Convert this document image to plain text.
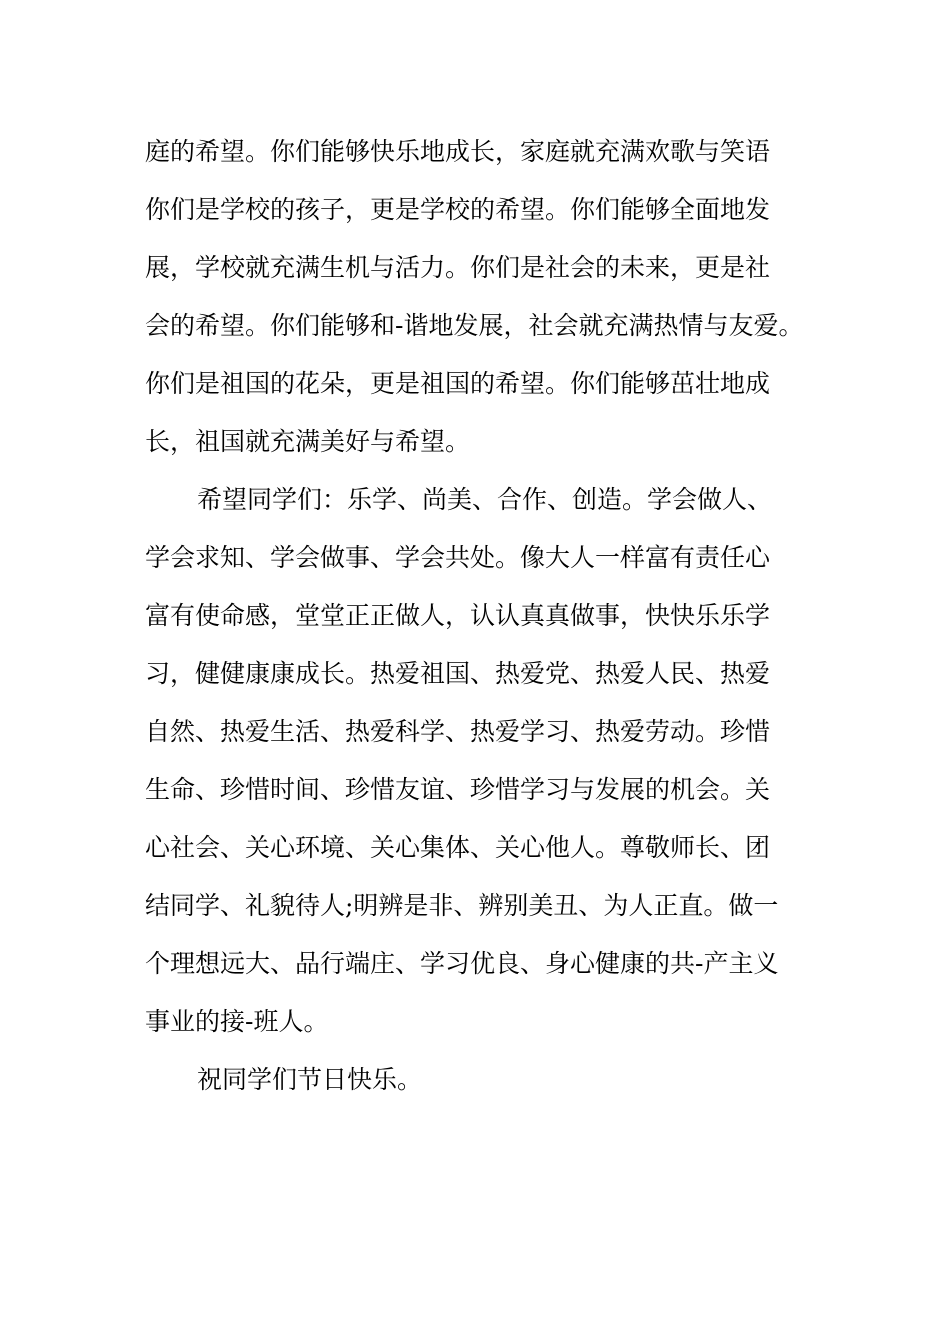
庭的希望。你们能够快乐地成长，家庭就充满欢歌与笑语
你们是学校的孩子，更是学校的希望。你们能够全面地发
展，学校就充满生机与活力。你们是社会的未来，更是社
会的希望。你们能够和-谐地发展，社会就充满热情与友爱。
你们是祖国的花朵，更是祖国的希望。你们能够茁壮地成
长，祖国就充满美好与希望。
希望同学们：乐学、尚美、合作、创造。学会做人、
学会求知、学会做事、学会共处。像大人一样富有责任心
富有使命感，堂堂正正做人，认认真真做事，快快乐乐学
习，健健康康成长。热爱祖国、热爱党、热爱人民、热爱
自然、热爱生活、热爱科学、热爱学习、热爱劳动。珍惜
生命、珍惜时间、珍惜友谊、珍惜学习与发展的机会。关
心社会、关心环境、关心集体、关心他人。尊敬师长、团
结同学、礼貌待人;明辨是非、辨别美丑、为人正直。做一
个理想远大、品行端庄、学习优良、身心健康的共-产主义
事业的接-班人。
祝同学们节日快乐。
